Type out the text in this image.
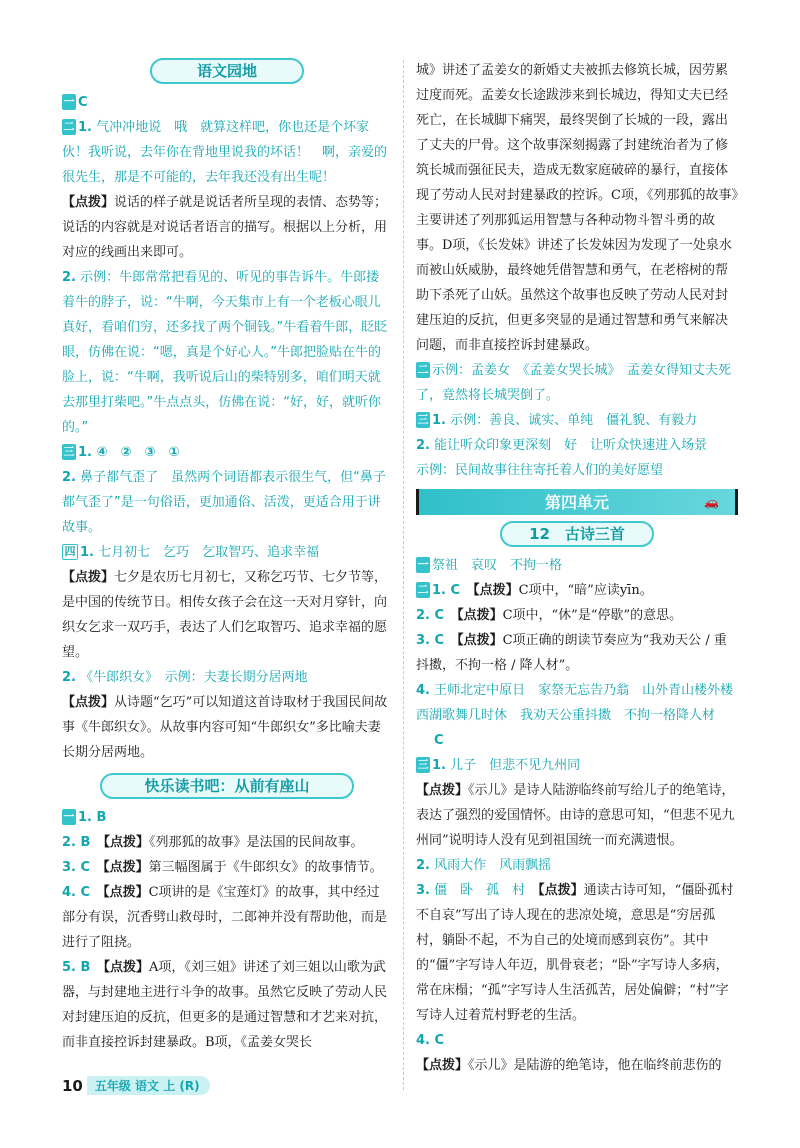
语文园地

一 C

二 1. 气冲冲地说　哦　就算这样吧，你也还是个坏家伙！我听说，去年你在背地里说我的坏话！　啊，亲爱的很先生，那是不可能的，去年我还没有出生呢！

【点拨】说话的样子就是说话者所呈现的表情、态势等；说话的内容就是对说话者语言的描写。根据以上分析，用对应的线画出来即可。

2. 示例：牛郎常常把看见的、听见的事告诉牛。牛郎搂着牛的脖子，说：“牛啊，今天集市上有一个老板心眼儿真好，看咱们穷，还多找了两个铜钱。”牛看着牛郎，眨眨眼，仿佛在说：“嗯，真是个好心人。”牛郎把脸贴在牛的脸上，说：“牛啊，我听说后山的柴特别多，咱们明天就去那里打柴吧。”牛点点头，仿佛在说：“好，好，就听你的。”

三 1. ④　②　③　①

2. 鼻子都气歪了　虽然两个词语都表示很生气，但“鼻子都气歪了”是一句俗语，更加通俗、活泼，更适合用于讲故事。

四 1. 七月初七　乞巧　乞取智巧、追求幸福

【点拨】七夕是农历七月初七，又称乞巧节、七夕节等，是中国的传统节日。相传女孩子会在这一天对月穿针，向织女乞求一双巧手，表达了人们乞取智巧、追求幸福的愿望。

2. 《牛郎织女》　示例：夫妻长期分居两地

【点拨】从诗题“乞巧”可以知道这首诗取材于我国民间故事《牛郎织女》。从故事内容可知“牛郎织女”多比喻夫妻长期分居两地。

快乐读书吧：从前有座山

一 1. B

2. B　 【点拨】《列那狐的故事》是法国的民间故事。

3. C　 【点拨】第三幅图属于《牛郎织女》的故事情节。

4. C　 【点拨】C项讲的是《宝莲灯》的故事，其中经过部分有误，沉香劈山救母时，二郎神并没有帮助他，而是进行了阻挠。

5. B　 【点拨】A项，《刘三姐》讲述了刘三姐以山歌为武器，与封建地主进行斗争的故事。虽然它反映了劳动人民对封建压迫的反抗，但更多的是通过智慧和才艺来对抗，而非直接控诉封建暴政。B项，《孟姜女哭长

城》讲述了孟姜女的新婚丈夫被抓去修筑长城，因劳累过度而死。孟姜女长途跋涉来到长城边，得知丈夫已经死亡，在长城脚下痛哭，最终哭倒了长城的一段，露出了丈夫的尸骨。这个故事深刻揭露了封建统治者为了修筑长城而强征民夫，造成无数家庭破碎的暴行，直接体现了劳动人民对封建暴政的控诉。C项，《列那狐的故事》主要讲述了列那狐运用智慧与各种动物斗智斗勇的故事。D项，《长发妹》讲述了长发妹因为发现了一处泉水而被山妖威胁，最终她凭借智慧和勇气，在老榕树的帮助下杀死了山妖。虽然这个故事也反映了劳动人民对封建压迫的反抗，但更多突显的是通过智慧和勇气来解决问题，而非直接控诉封建暴政。

二 示例：孟姜女　《孟姜女哭长城》　孟姜女得知丈夫死了，竟然将长城哭倒了。

三 1. 示例：善良、诚实、单纯　僵礼貌、有毅力

2. 能让听众印象更深刻　好　让听众快速进入场景

示例：民间故事往往寄托着人们的美好愿望

第四单元	🚗
12　古诗三首

一 祭祖　哀叹　不拘一格

二 1. C　 【点拨】C项中，“暗”应读yīn。

2. C　 【点拨】C项中，“休”是“停歇”的意思。

3. C　 【点拨】C项正确的朗读节奏应为“我劝天公 / 重抖擞，不拘一格 / 降人材”。

4. 王师北定中原日　家祭无忘告乃翁　山外青山楼外楼　西湖歌舞几时休　我劝天公重抖擞　不拘一格降人材

C

三 1. 儿子　但悲不见九州同

【点拨】《示儿》是诗人陆游临终前写给儿子的绝笔诗，表达了强烈的爱国情怀。由诗的意思可知，“但悲不见九州同”说明诗人没有见到祖国统一而充满遗恨。

2. 风雨大作　风雨飘摇

3. 僵　卧　孤　村　 【点拨】通读古诗可知，“僵卧孤村不自哀”写出了诗人现在的悲凉处境，意思是“穷居孤村，躺卧不起，不为自己的处境而感到哀伤”。其中的“僵”字写诗人年迈，肌骨衰老；“卧”字写诗人多病，常在床榻；“孤”字写诗人生活孤苦，居处偏僻；“村”字写诗人过着荒村野老的生活。

4. C

【点拨】《示儿》是陆游的绝笔诗，他在临终前悲伤的

10	五年级 语文 上 (R)
